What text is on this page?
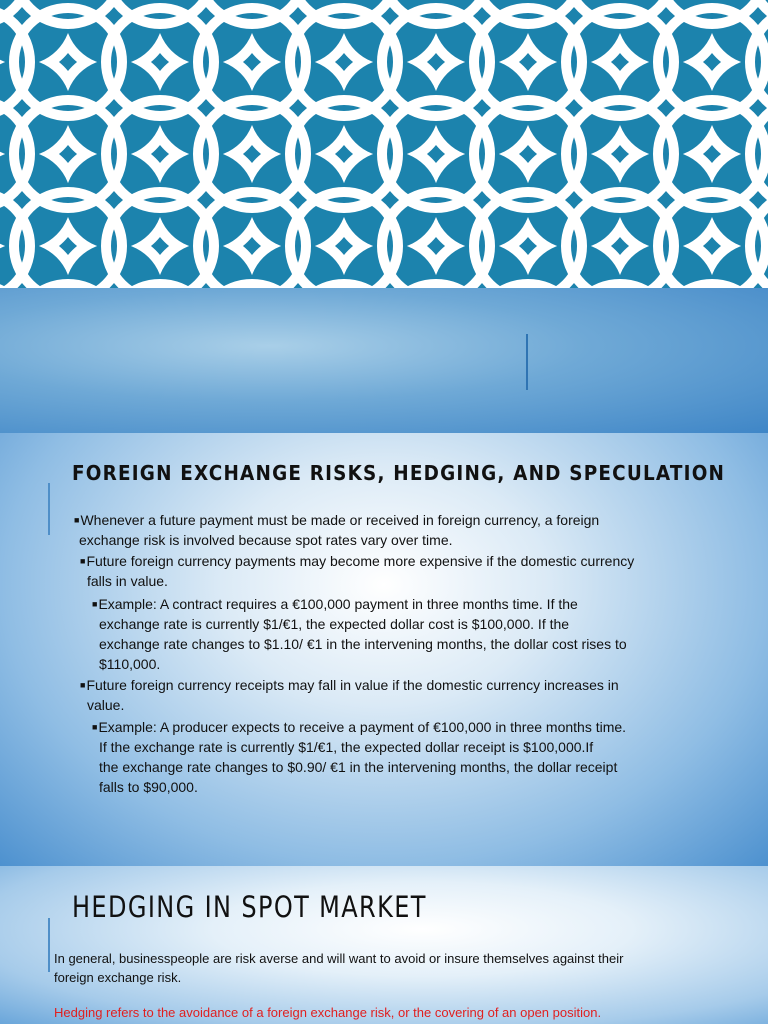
FOREIGN EXCHANGE RISKS, HEDGING, AND SPECULATION
■Whenever a future payment must be made or received in foreign currency, a foreign
exchange risk is involved because spot rates vary over time.
■Future foreign currency payments may become more expensive if the domestic currency
falls in value.
■Example: A contract requires a €100,000 payment in three months time. If the
exchange rate is currently $1/€1, the expected dollar cost is $100,000. If the
exchange rate changes to $1.10/ €1 in the intervening months, the dollar cost rises to
$110,000.
■Future foreign currency receipts may fall in value if the domestic currency increases in
value.
■Example: A producer expects to receive a payment of €100,000 in three months time.
If the exchange rate is currently $1/€1, the expected dollar receipt is $100,000.If
the exchange rate changes to $0.90/ €1 in the intervening months, the dollar receipt
falls to $90,000.
HEDGING IN SPOT MARKET
In general, businesspeople are risk averse and will want to avoid or insure themselves against their
foreign exchange risk.

Hedging refers to the avoidance of a foreign exchange risk, or the covering of an open position.
